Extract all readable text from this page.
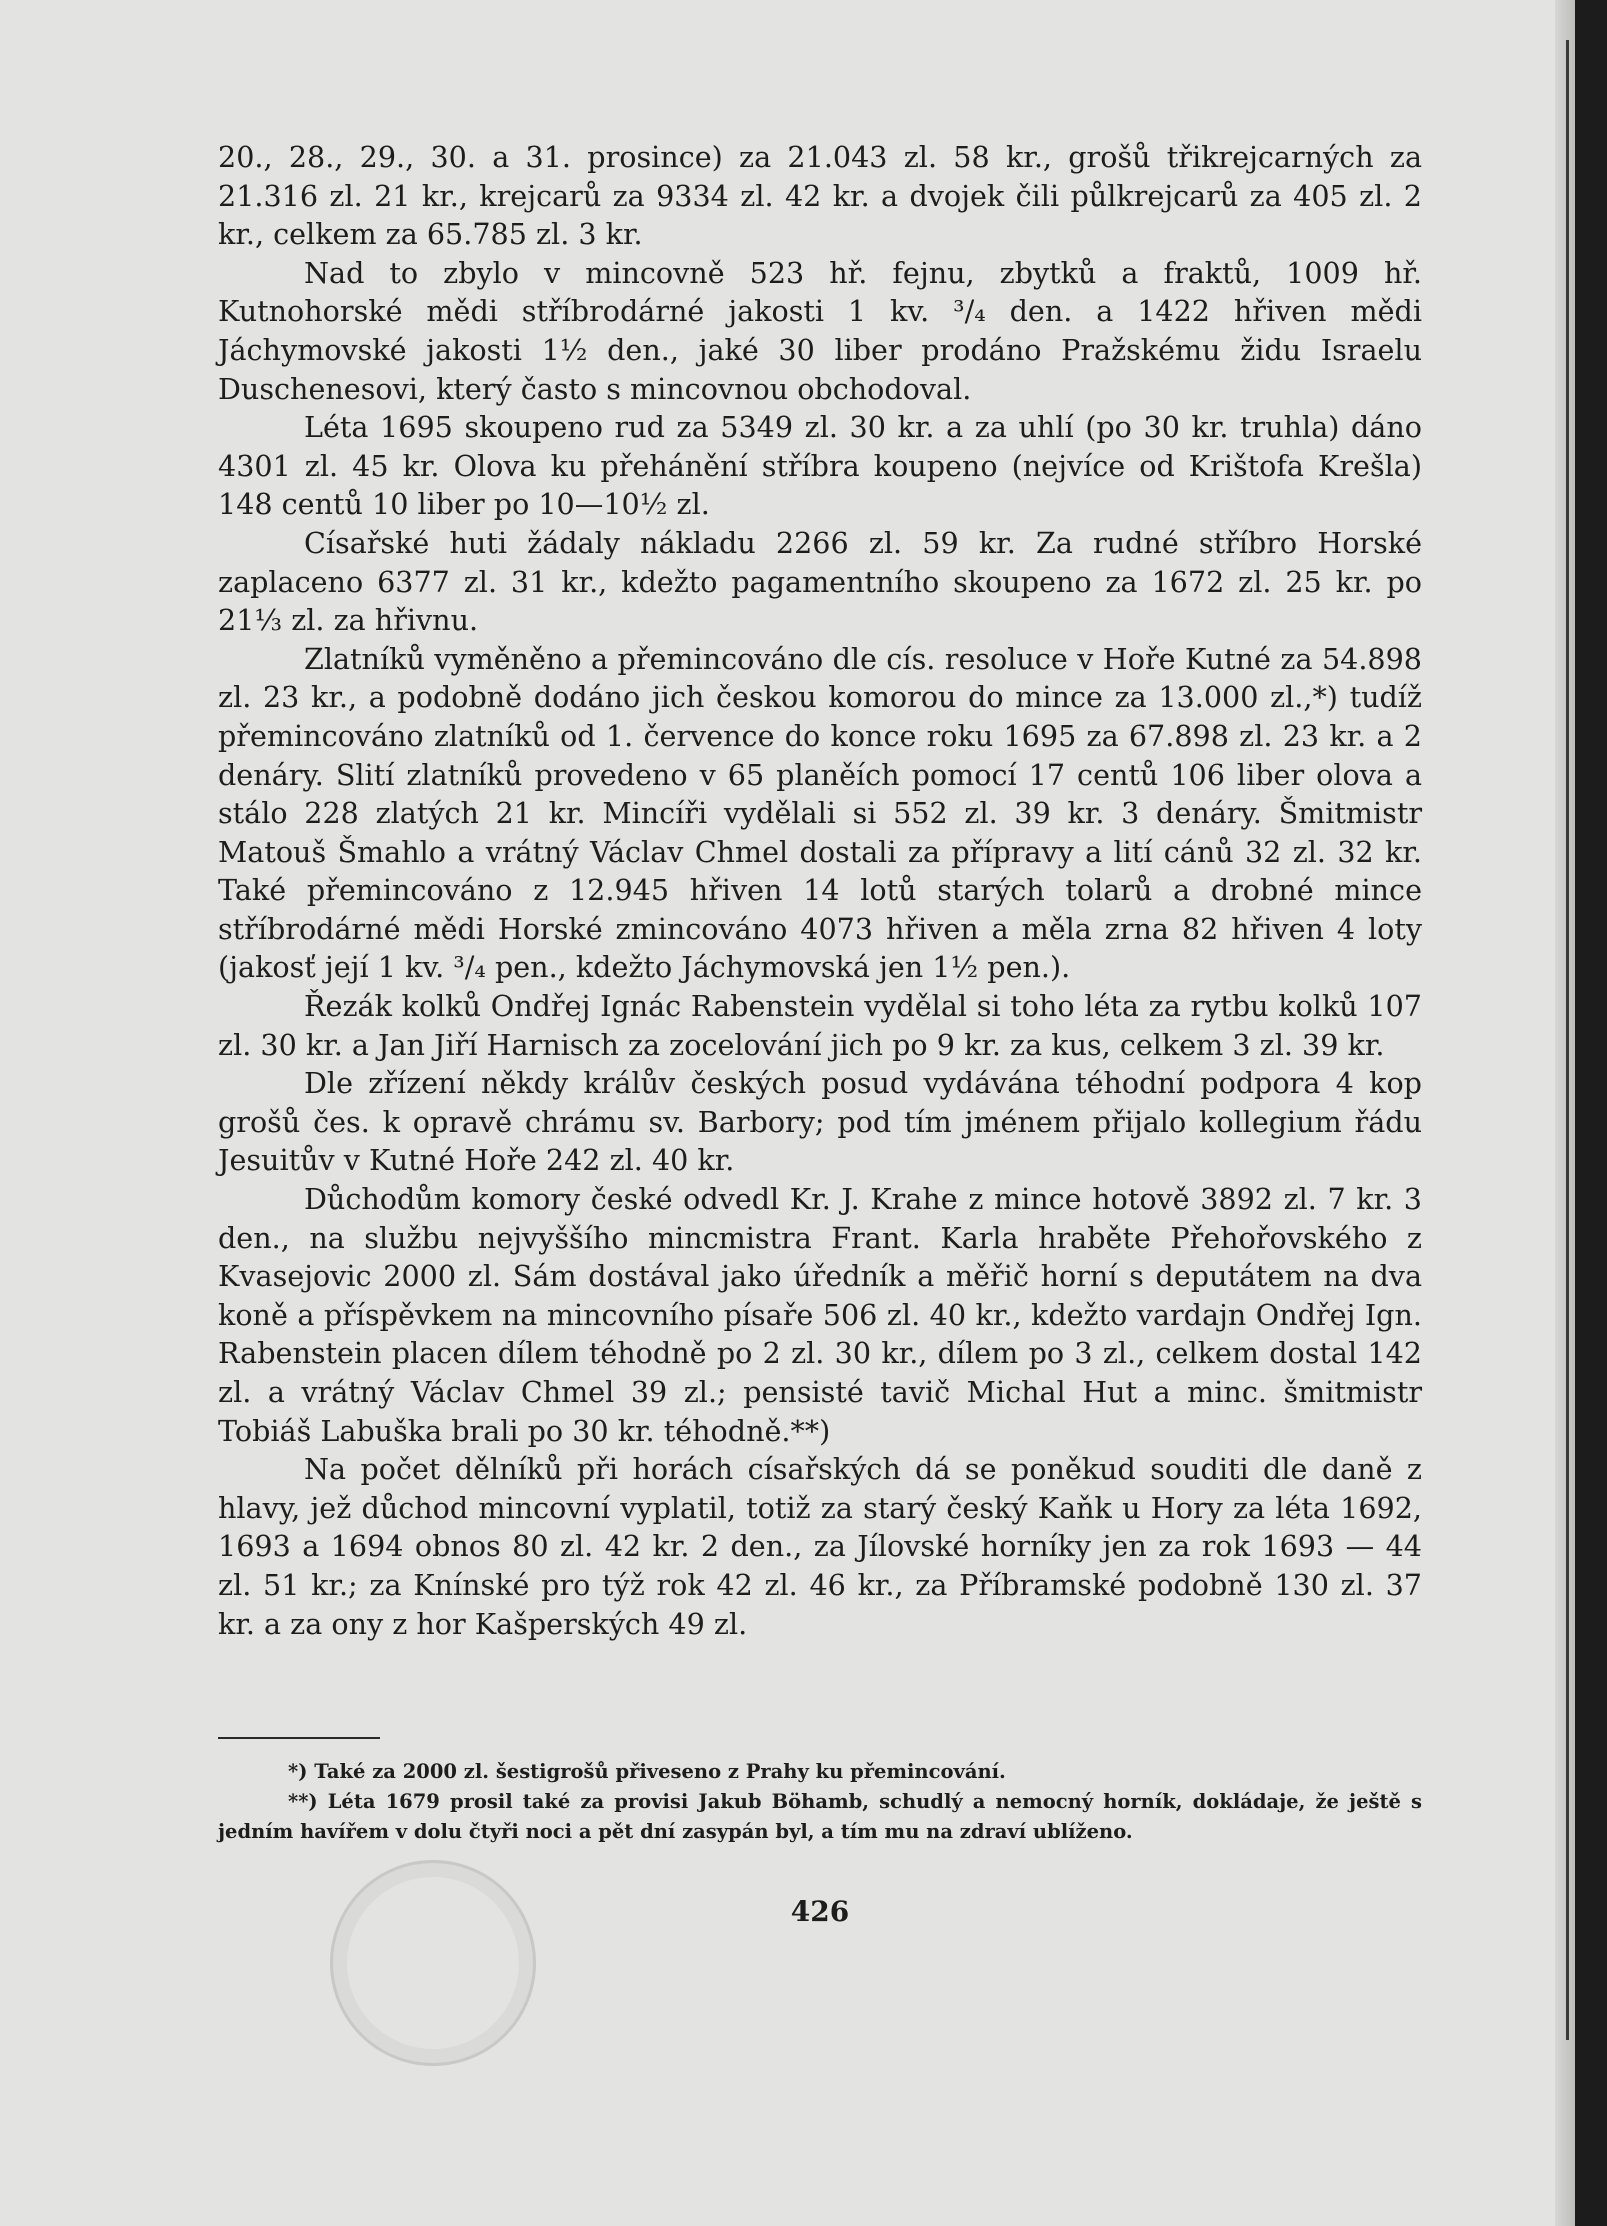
20., 28., 29., 30. a 31. prosince) za 21.043 zl. 58 kr., grošů třikrejcarných za 21.316 zl. 21 kr., krejcarů za 9334 zl. 42 kr. a dvojek čili půlkrejcarů za 405 zl. 2 kr., celkem za 65.785 zl. 3 kr.

Nad to zbylo v mincovně 523 hř. fejnu, zbytků a fraktů, 1009 hř. Kutnohorské mědi stříbrodárné jakosti 1 kv. ³/₄ den. a 1422 hřiven mědi Jáchymovské jakosti 1½ den., jaké 30 liber prodáno Pražskému židu Israelu Duschenesovi, který často s mincovnou obchodoval.

Léta 1695 skoupeno rud za 5349 zl. 30 kr. a za uhlí (po 30 kr. truhla) dáno 4301 zl. 45 kr. Olova ku přehánění stříbra koupeno (nejvíce od Krištofa Krešla) 148 centů 10 liber po 10—10½ zl.

Císařské huti žádaly nákladu 2266 zl. 59 kr. Za rudné stříbro Horské zaplaceno 6377 zl. 31 kr., kdežto pagamentního skoupeno za 1672 zl. 25 kr. po 21⅓ zl. za hřivnu.

Zlatníků vyměněno a přemincováno dle cís. resoluce v Hoře Kutné za 54.898 zl. 23 kr., a podobně dodáno jich českou komorou do mince za 13.000 zl.,*) tudíž přemincováno zlatníků od 1. července do konce roku 1695 za 67.898 zl. 23 kr. a 2 denáry. Slití zlatníků provedeno v 65 planěích pomocí 17 centů 106 liber olova a stálo 228 zlatých 21 kr. Mincíři vydělali si 552 zl. 39 kr. 3 denáry. Šmitmistr Matouš Šmahlo a vrátný Václav Chmel dostali za přípravy a lití cánů 32 zl. 32 kr. Také přemincováno z 12.945 hřiven 14 lotů starých tolarů a drobné mince stříbrodárné mědi Horské zmincováno 4073 hřiven a měla zrna 82 hřiven 4 loty (jakosť její 1 kv. ³/₄ pen., kdežto Jáchymovská jen 1½ pen.).

Řezák kolků Ondřej Ignác Rabenstein vydělal si toho léta za rytbu kolků 107 zl. 30 kr. a Jan Jiří Harnisch za zocelování jich po 9 kr. za kus, celkem 3 zl. 39 kr.

Dle zřízení někdy králův českých posud vydávána téhodní podpora 4 kop grošů čes. k opravě chrámu sv. Barbory; pod tím jménem přijalo kollegium řádu Jesuitův v Kutné Hoře 242 zl. 40 kr.

Důchodům komory české odvedl Kr. J. Krahe z mince hotově 3892 zl. 7 kr. 3 den., na službu nejvyššího mincmistra Frant. Karla hraběte Přehořovského z Kvasejovic 2000 zl. Sám dostával jako úředník a měřič horní s deputátem na dva koně a příspěvkem na mincovního písaře 506 zl. 40 kr., kdežto vardajn Ondřej Ign. Rabenstein placen dílem téhodně po 2 zl. 30 kr., dílem po 3 zl., celkem dostal 142 zl. a vrátný Václav Chmel 39 zl.; pensisté tavič Michal Hut a minc. šmitmistr Tobiáš Labuška brali po 30 kr. téhodně.**)

Na počet dělníků při horách císařských dá se poněkud souditi dle daně z hlavy, jež důchod mincovní vyplatil, totiž za starý český Kaňk u Hory za léta 1692, 1693 a 1694 obnos 80 zl. 42 kr. 2 den., za Jílovské horníky jen za rok 1693 — 44 zl. 51 kr.; za Knínské pro týž rok 42 zl. 46 kr., za Příbramské podobně 130 zl. 37 kr. a za ony z hor Kašperských 49 zl.

*) Také za 2000 zl. šestigrošů přiveseno z Prahy ku přemincování.

**) Léta 1679 prosil také za provisi Jakub Böhamb, schudlý a nemocný horník, dokládaje, že ještě s jedním havířem v dolu čtyři noci a pět dní zasypán byl, a tím mu na zdraví ublíženo.

426
